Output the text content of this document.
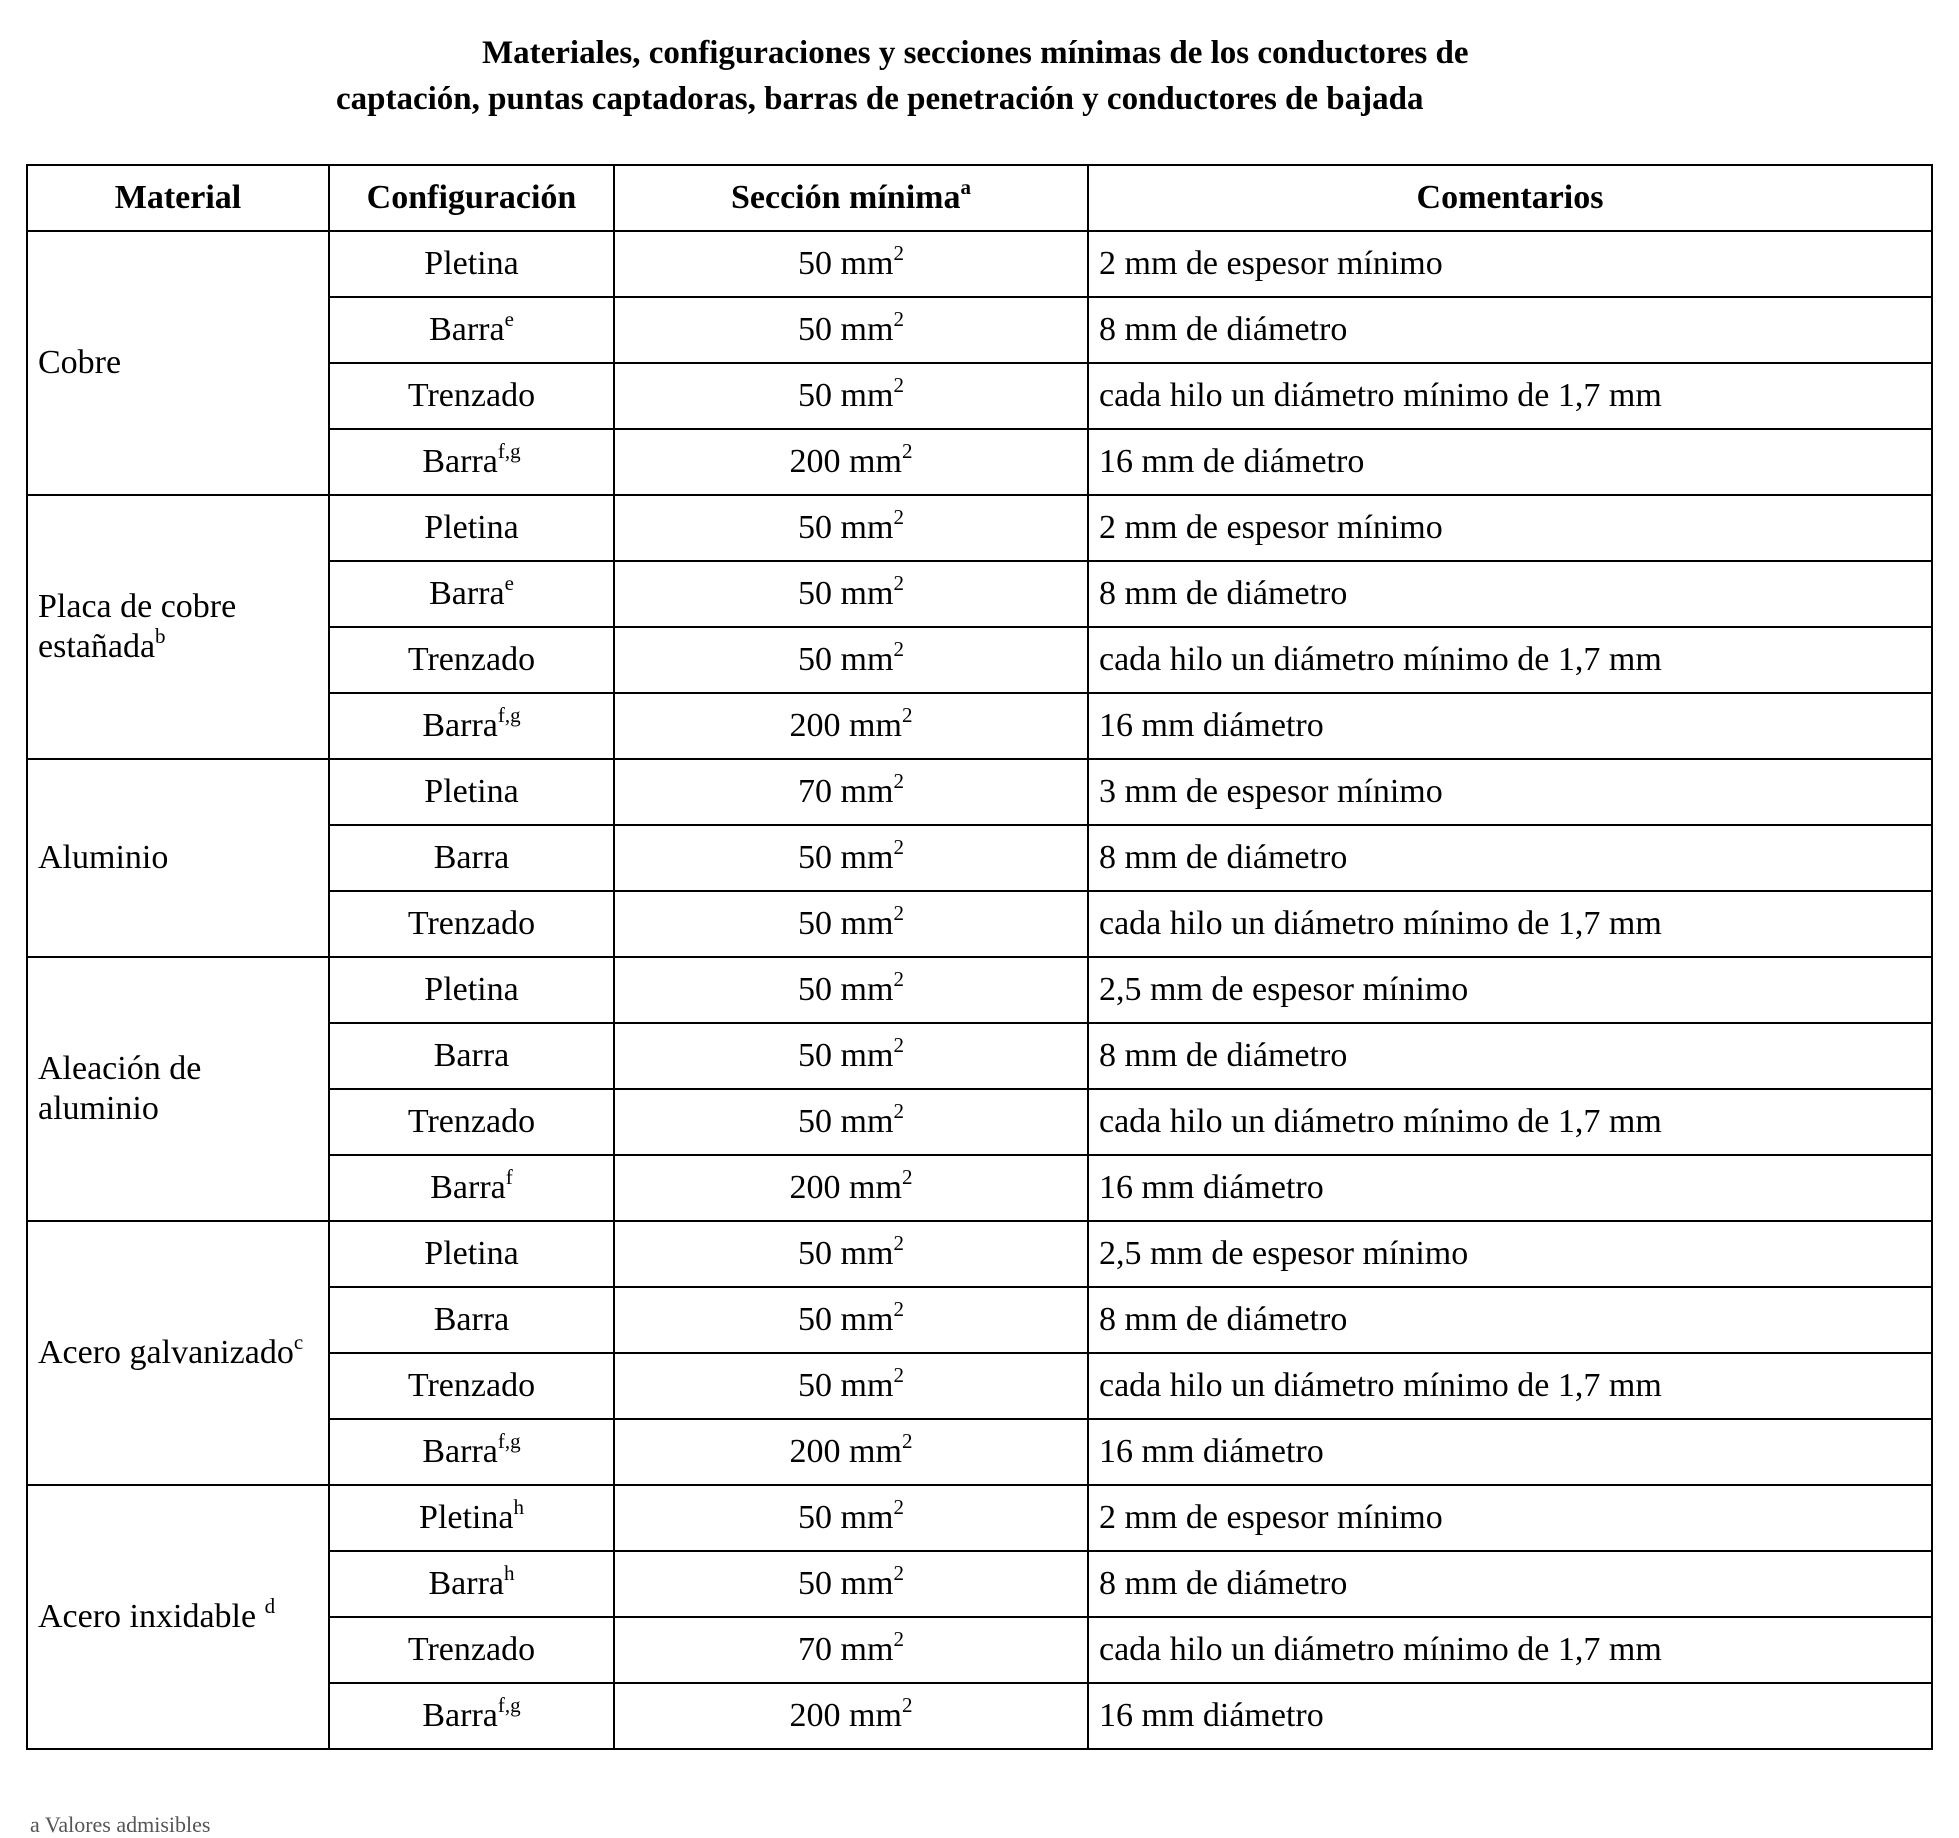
Materiales, configuraciones y secciones mínimas de los conductores de
captación, puntas captadoras, barras de penetración y conductores de bajada
Material	Configuración	Sección mínima$^a$	Comentarios
Cobre	Pletina	50 $mm^2$	2 mm de espesor mínimo
	Barra$^e$	50 $mm^2$	8 mm de diámetro
	Trenzado	50 $mm^2$	cada hilo un diámetro mínimo de 1,7 mm
	Barra$^{f,g}$	200 $mm^2$	16 mm de diámetro
Placa de cobre estañada$^b$	Pletina	50 $mm^2$	2 mm de espesor mínimo
	Barra$^e$	50 $mm^2$	8 mm de diámetro
	Trenzado	50 $mm^2$	cada hilo un diámetro mínimo de 1,7 mm
	Barra$^{f,g}$	200 $mm^2$	16 mm diámetro
Aluminio	Pletina	70 $mm^2$	3 mm de espesor mínimo
	Barra	50 $mm^2$	8 mm de diámetro
	Trenzado	50 $mm^2$	cada hilo un diámetro mínimo de 1,7 mm
Aleación de aluminio	Pletina	50 $mm^2$	2,5 mm de espesor mínimo
	Barra	50 $mm^2$	8 mm de diámetro
	Trenzado	50 $mm^2$	cada hilo un diámetro mínimo de 1,7 mm
	Barra$^f$	200 $mm^2$	16 mm diámetro
Acero galvanizado$^c$	Pletina	50 $mm^2$	2,5 mm de espesor mínimo
	Barra	50 $mm^2$	8 mm de diámetro
	Trenzado	50 $mm^2$	cada hilo un diámetro mínimo de 1,7 mm
	Barra$^{f,g}$	200 $mm^2$	16 mm diámetro
Acero inxidable $^d$	Pletina$^h$	50 $mm^2$	2 mm de espesor mínimo
	Barra$^h$	50 $mm^2$	8 mm de diámetro
	Trenzado	70 $mm^2$	cada hilo un diámetro mínimo de 1,7 mm
	Barra$^{f,g}$	200 $mm^2$	16 mm diámetro
a Valores admisibles
